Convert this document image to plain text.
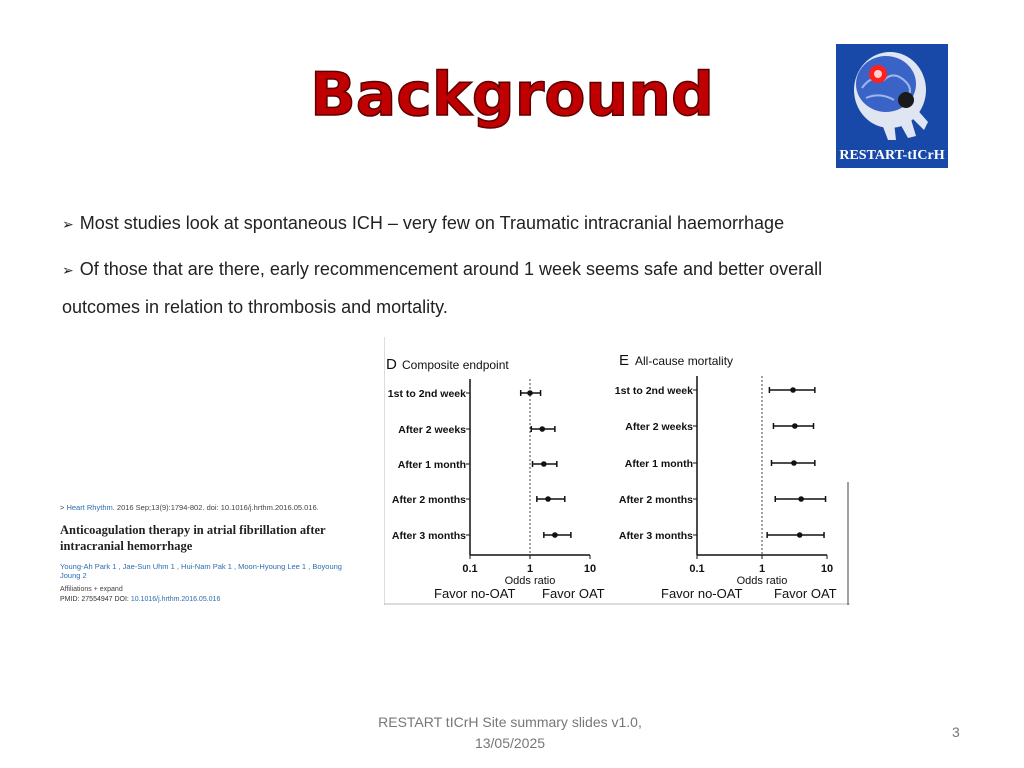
Background
RESTART-tICrH
➢ Most studies look at spontaneous ICH – very few on Traumatic intracranial haemorrhage
➢ Of those that are there, early recommencement around 1 week seems safe and better overall
outcomes in relation to thrombosis and mortality.
> Heart Rhythm. 2016 Sep;13(9):1794-802. doi: 10.1016/j.hrthm.2016.05.016.
Anticoagulation therapy in atrial fibrillation after intracranial hemorrhage
Young-Ah Park 1 , Jae-Sun Uhm 1 , Hui-Nam Pak 1 , Moon-Hyoung Lee 1 , Boyoung Joung 2
Affiliations + expand
PMID: 27554947 DOI: 10.1016/j.hrthm.2016.05.016
D Composite endpoint
0.1	1	10
Odds ratio
Favor no-OAT Favor OAT
1st to 2nd week
After 2 weeks
After 1 month
After 2 months
After 3 months
E All-cause mortality
0.1	1	10
Odds ratio
Favor no-OAT Favor OAT
1st to 2nd week
After 2 weeks
After 1 month
After 2 months
After 3 months
RESTART tICrH Site summary slides v1.0,
13/05/2025
3
